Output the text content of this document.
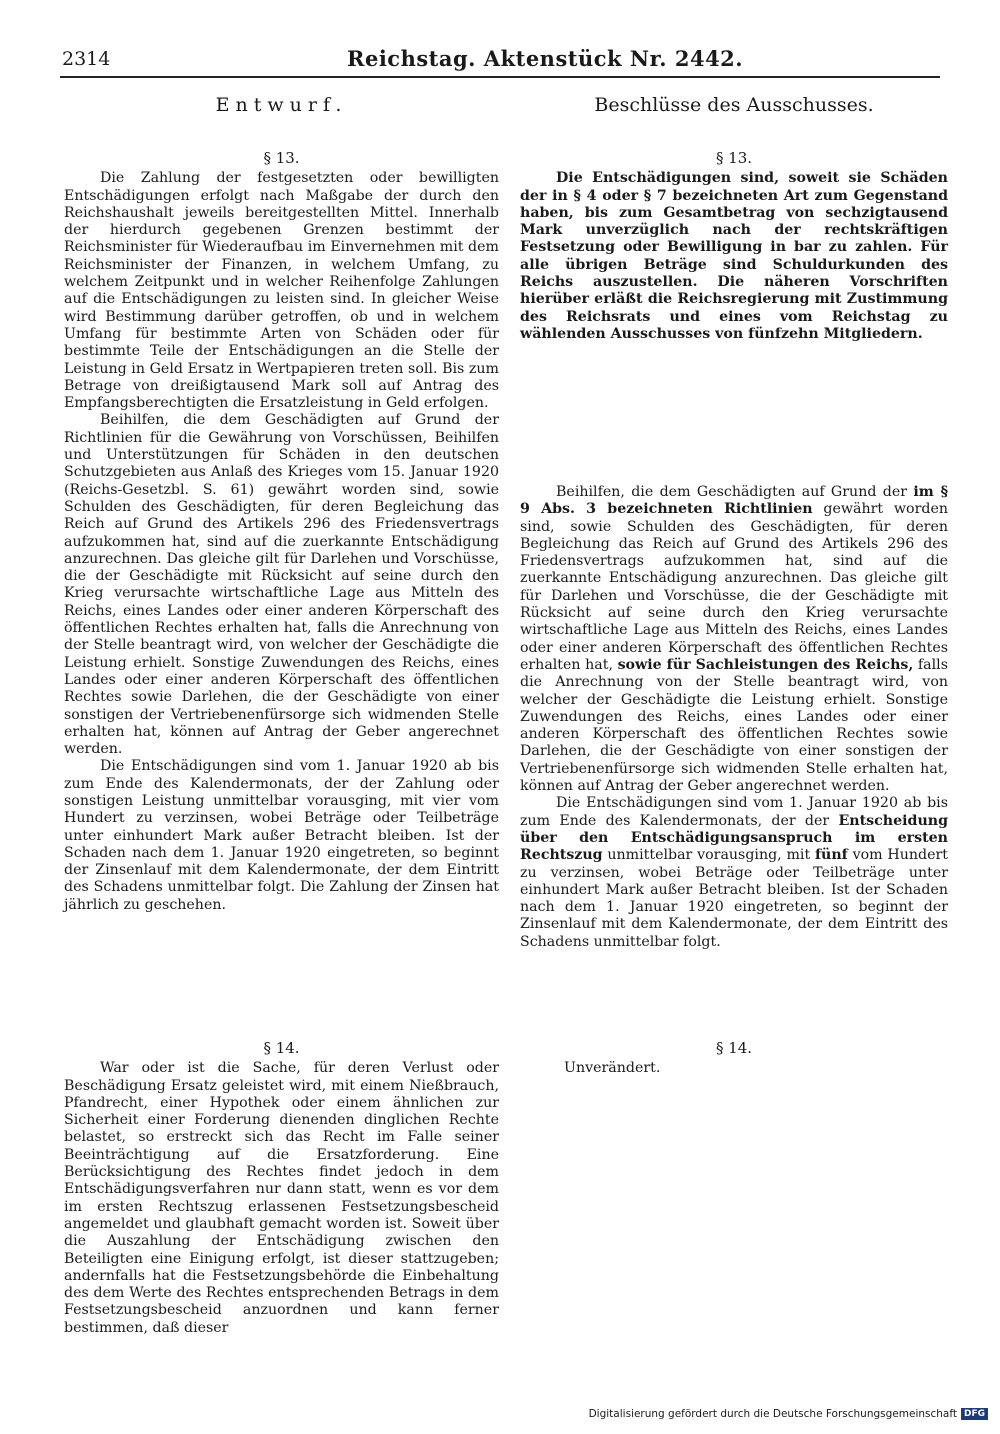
2314	Reichstag. Aktenstück Nr. 2442.
Entwurf.
§ 13.

Die Zahlung der festgesetzten oder bewilligten Entschädigungen erfolgt nach Maßgabe der durch den Reichshaushalt jeweils bereitgestellten Mittel. Innerhalb der hierdurch gegebenen Grenzen bestimmt der Reichsminister für Wiederaufbau im Einvernehmen mit dem Reichsminister der Finanzen, in welchem Umfang, zu welchem Zeitpunkt und in welcher Reihenfolge Zahlungen auf die Entschädigungen zu leisten sind. In gleicher Weise wird Bestimmung darüber getroffen, ob und in welchem Umfang für bestimmte Arten von Schäden oder für bestimmte Teile der Entschädigungen an die Stelle der Leistung in Geld Ersatz in Wertpapieren treten soll. Bis zum Betrage von dreißigtausend Mark soll auf Antrag des Empfangsberechtigten die Ersatzleistung in Geld erfolgen.

Beihilfen, die dem Geschädigten auf Grund der Richtlinien für die Gewährung von Vorschüssen, Beihilfen und Unterstützungen für Schäden in den deutschen Schutzgebieten aus Anlaß des Krieges vom 15. Januar 1920 (Reichs-Gesetzbl. S. 61) gewährt worden sind, sowie Schulden des Geschädigten, für deren Begleichung das Reich auf Grund des Artikels 296 des Friedensvertrags aufzukommen hat, sind auf die zuerkannte Entschädigung anzurechnen. Das gleiche gilt für Darlehen und Vorschüsse, die der Geschädigte mit Rücksicht auf seine durch den Krieg verursachte wirtschaftliche Lage aus Mitteln des Reichs, eines Landes oder einer anderen Körperschaft des öffentlichen Rechtes erhalten hat, falls die Anrechnung von der Stelle beantragt wird, von welcher der Geschädigte die Leistung erhielt. Sonstige Zuwendungen des Reichs, eines Landes oder einer anderen Körperschaft des öffentlichen Rechtes sowie Darlehen, die der Geschädigte von einer sonstigen der Vertriebenenfürsorge sich widmenden Stelle erhalten hat, können auf Antrag der Geber angerechnet werden.

Die Entschädigungen sind vom 1. Januar 1920 ab bis zum Ende des Kalendermonats, der der Zahlung oder sonstigen Leistung unmittelbar vorausging, mit vier vom Hundert zu verzinsen, wobei Beträge oder Teilbeträge unter einhundert Mark außer Betracht bleiben. Ist der Schaden nach dem 1. Januar 1920 eingetreten, so beginnt der Zinsenlauf mit dem Kalendermonate, der dem Eintritt des Schadens unmittelbar folgt. Die Zahlung der Zinsen hat jährlich zu geschehen.

§ 14.

War oder ist die Sache, für deren Verlust oder Beschädigung Ersatz geleistet wird, mit einem Nießbrauch, Pfandrecht, einer Hypothek oder einem ähnlichen zur Sicherheit einer Forderung dienenden dinglichen Rechte belastet, so erstreckt sich das Recht im Falle seiner Beeinträchtigung auf die Ersatzforderung. Eine Berücksichtigung des Rechtes findet jedoch in dem Entschädigungsverfahren nur dann statt, wenn es vor dem im ersten Rechtszug erlassenen Festsetzungsbescheid angemeldet und glaubhaft gemacht worden ist. Soweit über die Auszahlung der Entschädigung zwischen den Beteiligten eine Einigung erfolgt, ist dieser stattzugeben; andernfalls hat die Festsetzungsbehörde die Einbehaltung des dem Werte des Rechtes entsprechenden Betrags in dem Festsetzungsbescheid anzuordnen und kann ferner bestimmen, daß dieser

Beschlüsse des Ausschusses.
§ 13.

Die Entschädigungen sind, soweit sie Schäden der in § 4 oder § 7 bezeichneten Art zum Gegenstand haben, bis zum Gesamtbetrag von sechzigtausend Mark unverzüglich nach der rechtskräftigen Festsetzung oder Bewilligung in bar zu zahlen. Für alle übrigen Beträge sind Schuldurkunden des Reichs auszustellen. Die näheren Vorschriften hierüber erläßt die Reichsregierung mit Zustimmung des Reichsrats und eines vom Reichstag zu wählenden Ausschusses von fünfzehn Mitgliedern.

Beihilfen, die dem Geschädigten auf Grund der im § 9 Abs. 3 bezeichneten Richtlinien gewährt worden sind, sowie Schulden des Geschädigten, für deren Begleichung das Reich auf Grund des Artikels 296 des Friedensvertrags aufzukommen hat, sind auf die zuerkannte Entschädigung anzurechnen. Das gleiche gilt für Darlehen und Vorschüsse, die der Geschädigte mit Rücksicht auf seine durch den Krieg verursachte wirtschaftliche Lage aus Mitteln des Reichs, eines Landes oder einer anderen Körperschaft des öffentlichen Rechtes erhalten hat, sowie für Sachleistungen des Reichs, falls die Anrechnung von der Stelle beantragt wird, von welcher der Geschädigte die Leistung erhielt. Sonstige Zuwendungen des Reichs, eines Landes oder einer anderen Körperschaft des öffentlichen Rechtes sowie Darlehen, die der Geschädigte von einer sonstigen der Vertriebenenfürsorge sich widmenden Stelle erhalten hat, können auf Antrag der Geber angerechnet werden.

Die Entschädigungen sind vom 1. Januar 1920 ab bis zum Ende des Kalendermonats, der der Entscheidung über den Entschädigungsanspruch im ersten Rechtszug unmittelbar vorausging, mit fünf vom Hundert zu verzinsen, wobei Beträge oder Teilbeträge unter einhundert Mark außer Betracht bleiben. Ist der Schaden nach dem 1. Januar 1920 eingetreten, so beginnt der Zinsenlauf mit dem Kalendermonate, der dem Eintritt des Schadens unmittelbar folgt.

§ 14.

Unverändert.

Digitalisierung gefördert durch die Deutsche Forschungsgemeinschaft DFG
